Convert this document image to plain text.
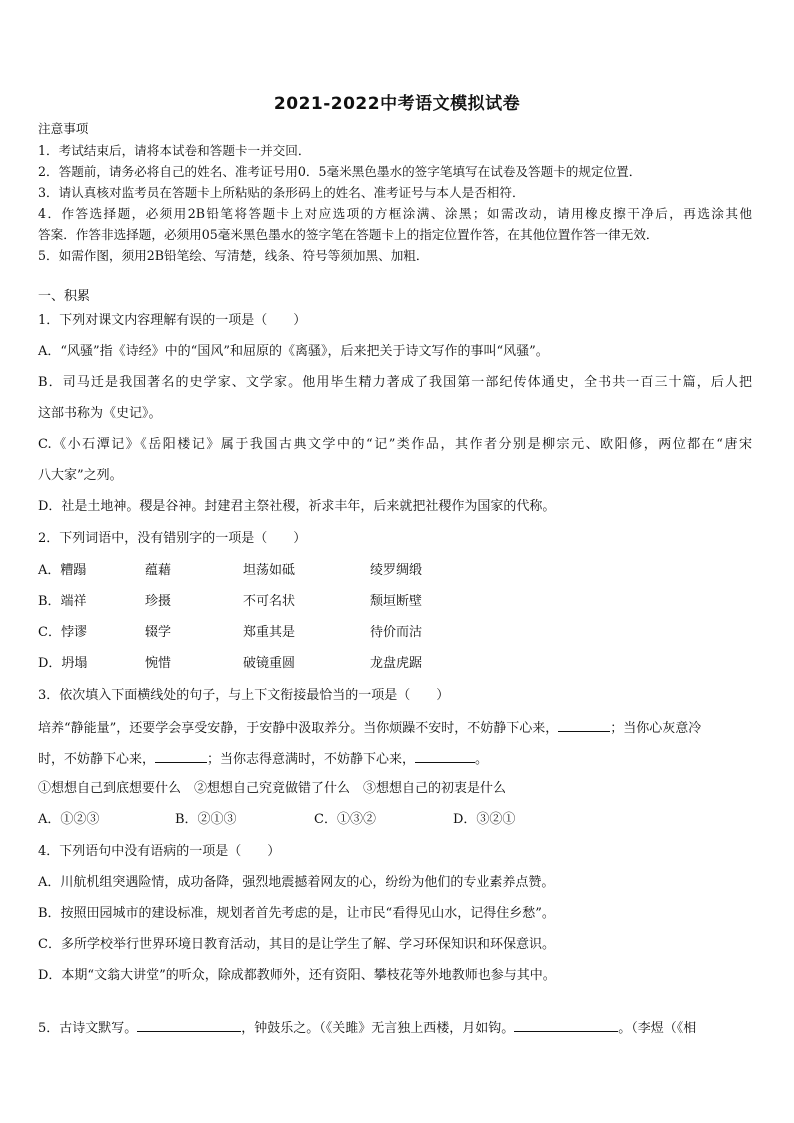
2021-2022中考语文模拟试卷
注意事项
1．考试结束后，请将本试卷和答题卡一并交回．
2．答题前，请务必将自己的姓名、准考证号用0．5毫米黑色墨水的签字笔填写在试卷及答题卡的规定位置．
3．请认真核对监考员在答题卡上所粘贴的条形码上的姓名、准考证号与本人是否相符．
4．作答选择题，必须用2B铅笔将答题卡上对应选项的方框涂满、涂黑；如需改动，请用橡皮擦干净后，再选涂其他
答案．作答非选择题，必须用05毫米黑色墨水的签字笔在答题卡上的指定位置作答，在其他位置作答一律无效．
5．如需作图，须用2B铅笔绘、写清楚，线条、符号等须加黑、加粗．
一、积累
1．下列对课文内容理解有误的一项是（　　）
A．“风骚”指《诗经》中的“国风”和屈原的《离骚》，后来把关于诗文写作的事叫“风骚”。
B．司马迁是我国著名的史学家、文学家。他用毕生精力著成了我国第一部纪传体通史，全书共一百三十篇，后人把
这部书称为《史记》。
C.《小石潭记》《岳阳楼记》属于我国古典文学中的“记”类作品，其作者分别是柳宗元、欧阳修，两位都在“唐宋
八大家”之列。
D．社是土地神。稷是谷神。封建君主祭社稷，祈求丰年，后来就把社稷作为国家的代称。
2．下列词语中，没有错别字的一项是（　　）
A．糟蹋	蕴藉	坦荡如砥	绫罗绸缎
B．端祥	珍摄	不可名状	颓垣断壁
C．悖谬	辍学	郑重其是	待价而沽
D．坍塌	惋惜	破镜重圆	龙盘虎踞
3．依次填入下面横线处的句子，与上下文衔接最恰当的一项是（　　）
培养“静能量”，还要学会享受安静，于安静中汲取养分。当你烦躁不安时，不妨静下心来，	；当你心灰意冷
时，不妨静下心来，	；当你志得意满时，不妨静下心来，	。
①想想自己到底想要什么　②想想自己究竟做错了什么　③想想自己的初衷是什么
A．①②③	B．②①③	C．①③②	D．③②①
4．下列语句中没有语病的一项是（　　）
A．川航机组突遇险情，成功备降，强烈地震撼着网友的心，纷纷为他们的专业素养点赞。
B．按照田园城市的建设标准，规划者首先考虑的是，让市民“看得见山水，记得住乡愁”。
C．多所学校举行世界环境日教育活动，其目的是让学生了解、学习环保知识和环保意识。
D．本期“文翁大讲堂”的听众，除成都教师外，还有资阳、攀枝花等外地教师也参与其中。
5．古诗文默写。	，钟鼓乐之。（《关雎》无言独上西楼，月如钩。	。（李煜（《相
